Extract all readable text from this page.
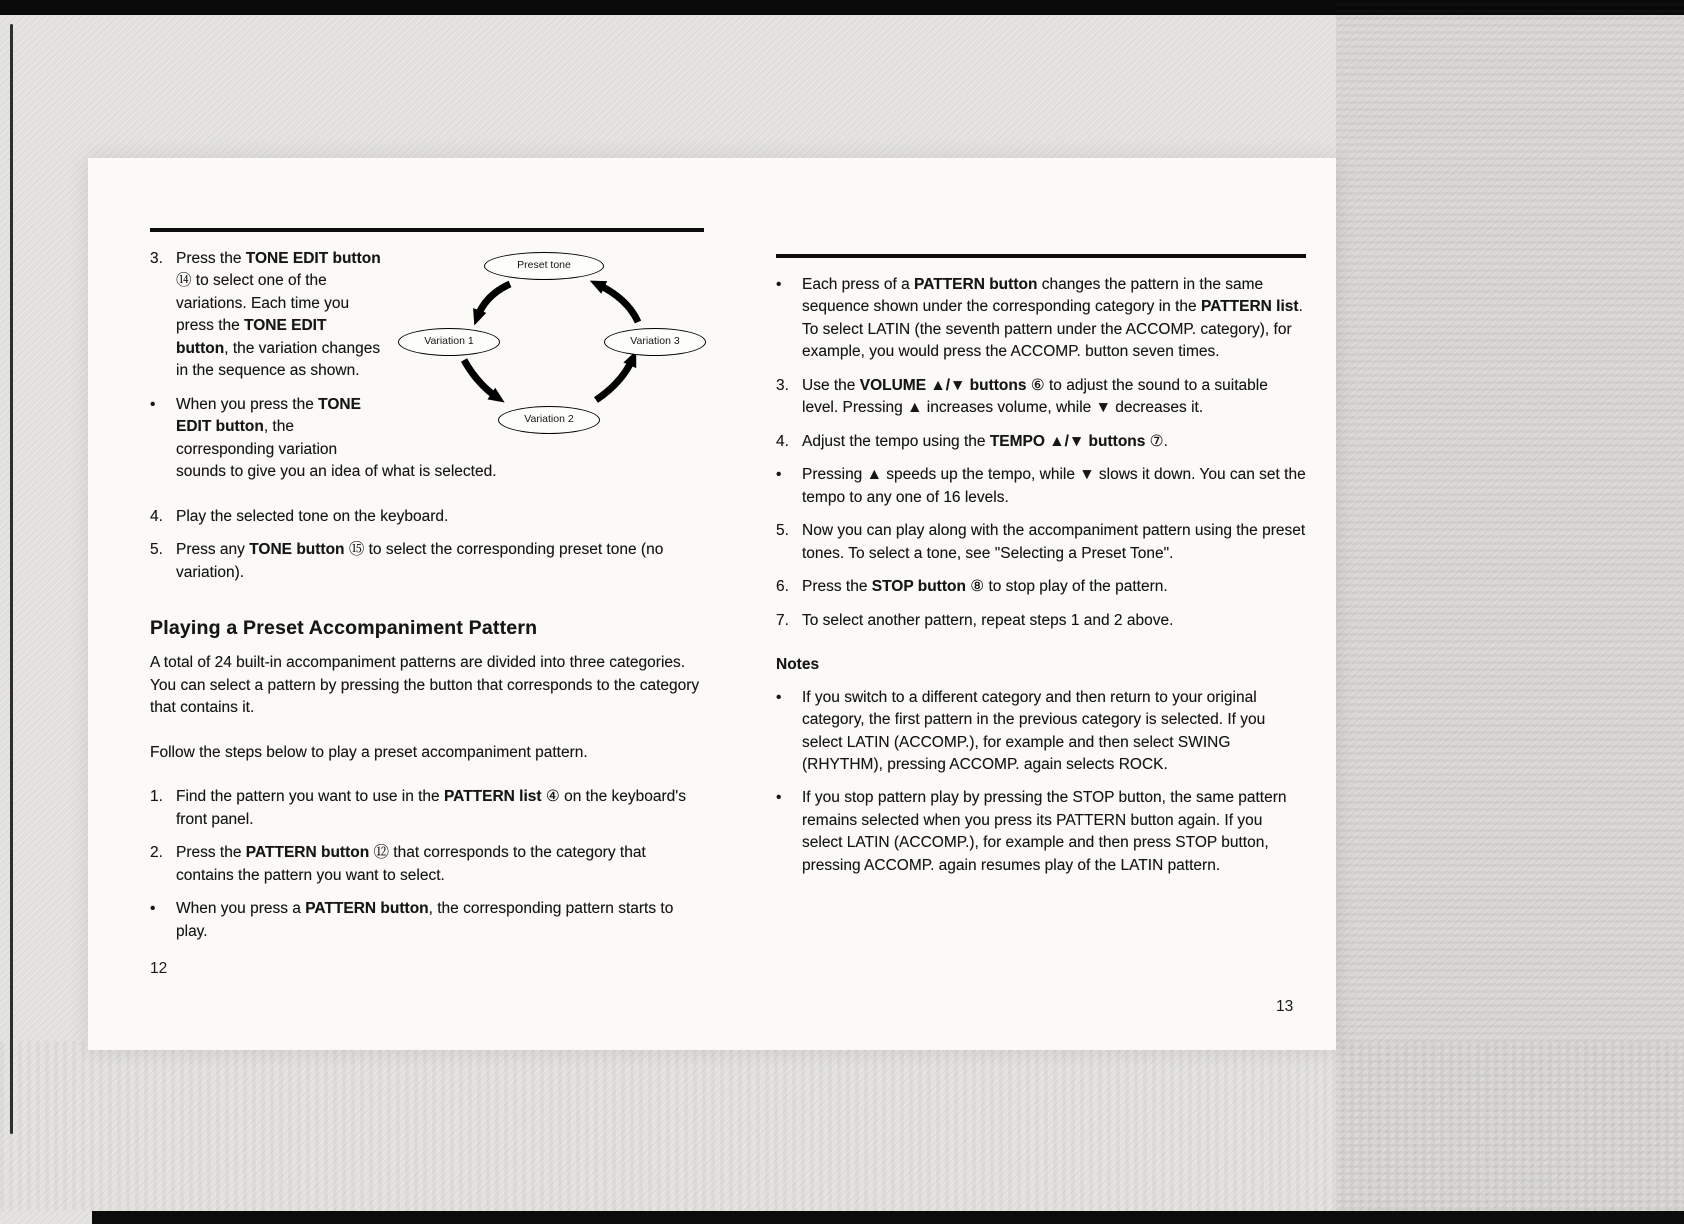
Preset tone
Variation 1	Variation 3
Variation 2
3. Press the TONE EDIT button ⑭ to select one of the variations. Each time you press the TONE EDIT button, the variation changes in the sequence as shown.
• When you press the TONE EDIT button, the corresponding variation sounds to give you an idea of what is selected.
4. Play the selected tone on the keyboard.
5. Press any TONE button ⑮ to select the corresponding preset tone (no variation).
Playing a Preset Accompaniment Pattern
A total of 24 built-in accompaniment patterns are divided into three categories. You can select a pattern by pressing the button that corresponds to the category that contains it.
Follow the steps below to play a preset accompaniment pattern.
1. Find the pattern you want to use in the PATTERN list ④ on the keyboard's front panel.
2. Press the PATTERN button ⑫ that corresponds to the category that contains the pattern you want to select.
• When you press a PATTERN button, the corresponding pattern starts to play.
• Each press of a PATTERN button changes the pattern in the same sequence shown under the corresponding category in the PATTERN list. To select LATIN (the seventh pattern under the ACCOMP. category), for example, you would press the ACCOMP. button seven times.
3. Use the VOLUME ▲/▼ buttons ⑥ to adjust the sound to a suitable level. Pressing ▲ increases volume, while ▼ decreases it.
4. Adjust the tempo using the TEMPO ▲/▼ buttons ⑦.
• Pressing ▲ speeds up the tempo, while ▼ slows it down. You can set the tempo to any one of 16 levels.
5. Now you can play along with the accompaniment pattern using the preset tones. To select a tone, see "Selecting a Preset Tone".
6. Press the STOP button ⑧ to stop play of the pattern.
7. To select another pattern, repeat steps 1 and 2 above.
Notes
• If you switch to a different category and then return to your original category, the first pattern in the previous category is selected. If you select LATIN (ACCOMP.), for example and then select SWING (RHYTHM), pressing ACCOMP. again selects ROCK.
• If you stop pattern play by pressing the STOP button, the same pattern remains selected when you press its PATTERN button again. If you select LATIN (ACCOMP.), for example and then press STOP button, pressing ACCOMP. again resumes play of the LATIN pattern.
12
13
